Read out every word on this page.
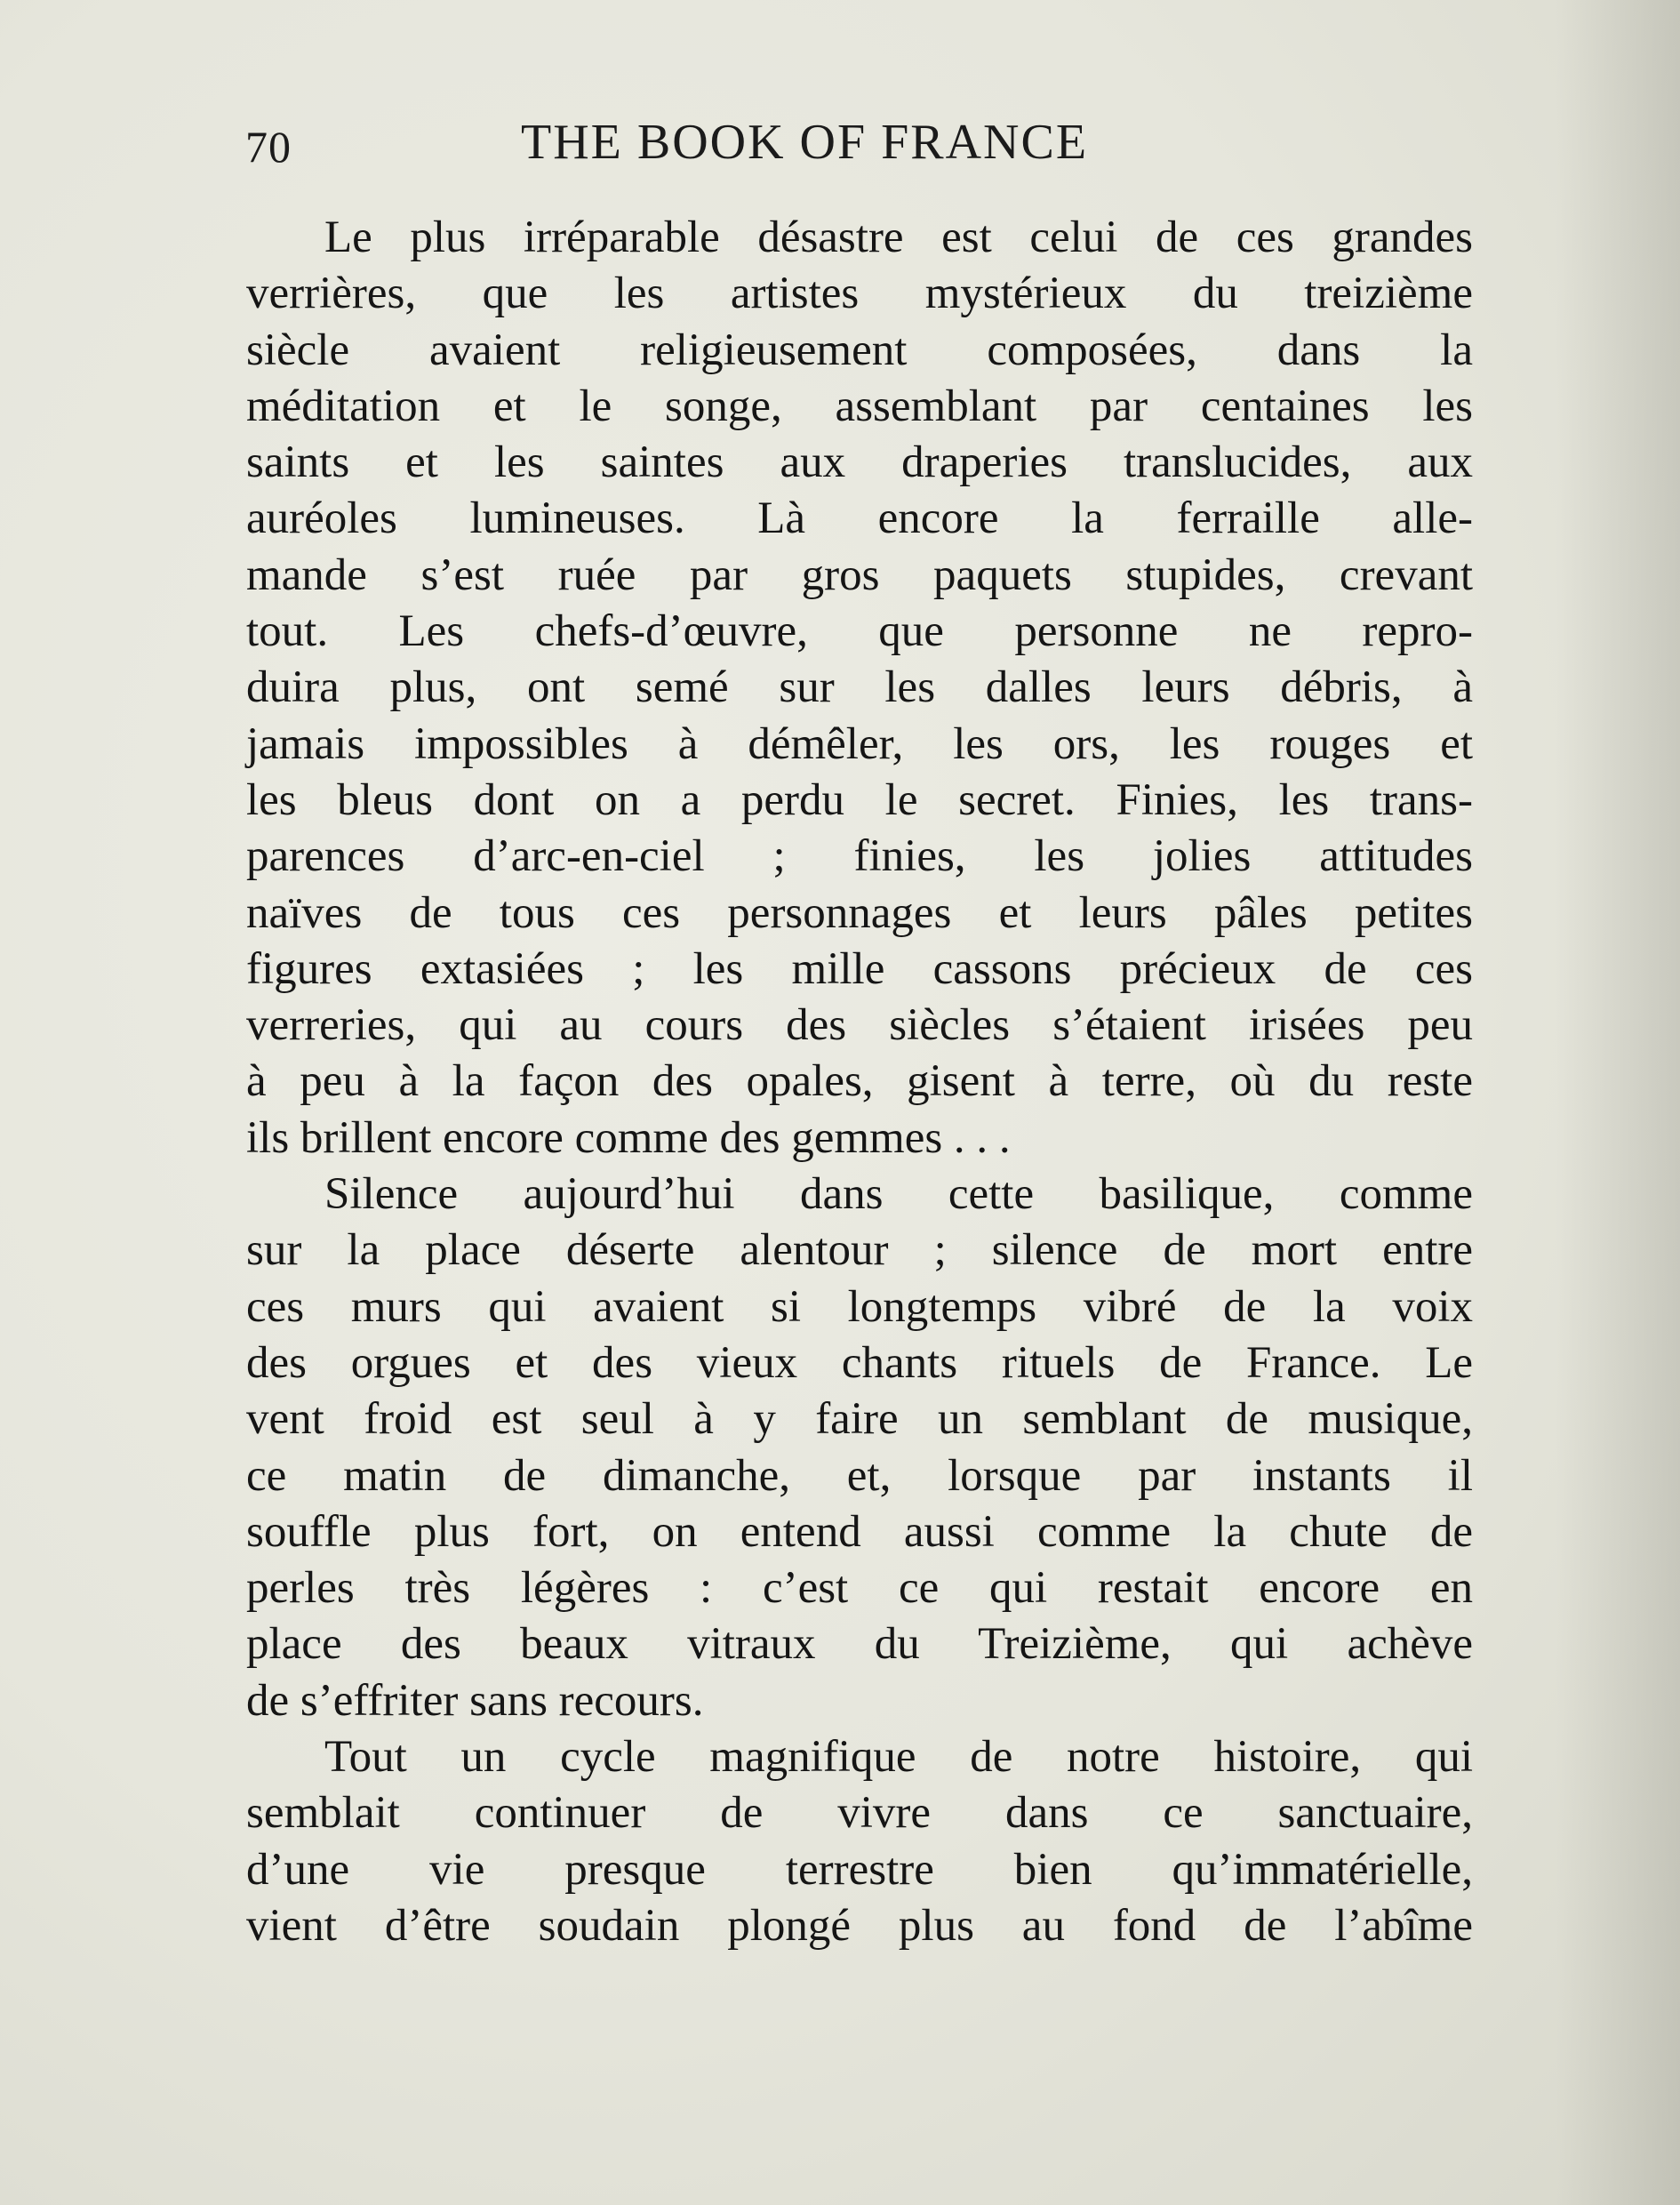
70	THE BOOK OF FRANCE
Le plus irréparable désastre est celui de ces grandes
verrières, que les artistes mystérieux du treizième
siècle avaient religieusement composées, dans la
méditation et le songe, assemblant par centaines les
saints et les saintes aux draperies translucides, aux
auréoles lumineuses. Là encore la ferraille alle-
mande s’est ruée par gros paquets stupides, crevant
tout. Les chefs-d’œuvre, que personne ne repro-
duira plus, ont semé sur les dalles leurs débris, à
jamais impossibles à démêler, les ors, les rouges et
les bleus dont on a perdu le secret. Finies, les trans-
parences d’arc-en-ciel ; finies, les jolies attitudes
naïves de tous ces personnages et leurs pâles petites
figures extasiées ; les mille cassons précieux de ces
verreries, qui au cours des siècles s’étaient irisées peu
à peu à la façon des opales, gisent à terre, où du reste
ils brillent encore comme des gemmes . . .
Silence aujourd’hui dans cette basilique, comme
sur la place déserte alentour ; silence de mort entre
ces murs qui avaient si longtemps vibré de la voix
des orgues et des vieux chants rituels de France. Le
vent froid est seul à y faire un semblant de musique,
ce matin de dimanche, et, lorsque par instants il
souffle plus fort, on entend aussi comme la chute de
perles très légères : c’est ce qui restait encore en
place des beaux vitraux du Treizième, qui achève
de s’effriter sans recours.
Tout un cycle magnifique de notre histoire, qui
semblait continuer de vivre dans ce sanctuaire,
d’une vie presque terrestre bien qu’immatérielle,
vient d’être soudain plongé plus au fond de l’abîme
